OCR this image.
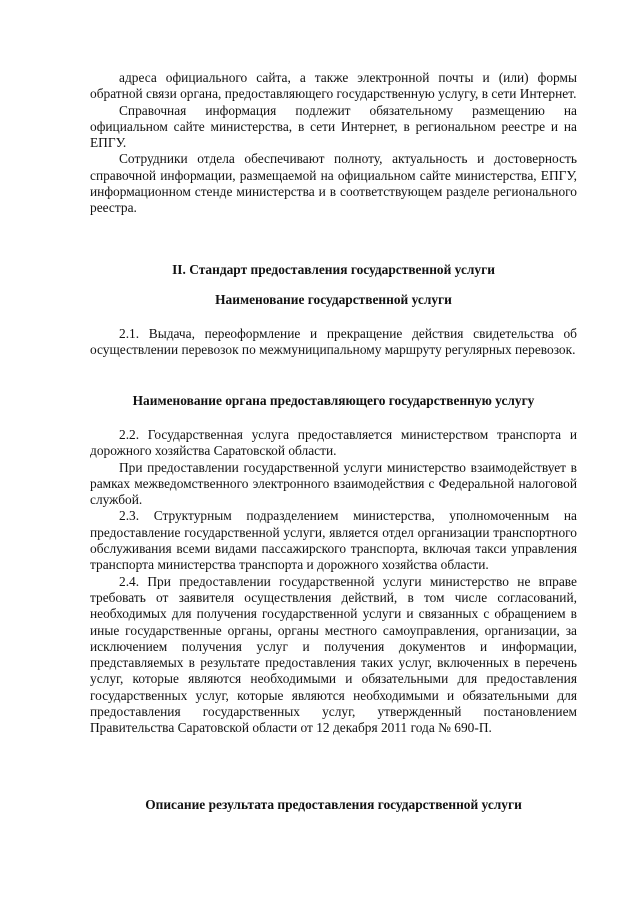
адреса официального сайта, а также электронной почты и (или) формы обратной связи органа, предоставляющего государственную услугу, в сети Интернет.

Справочная информация подлежит обязательному размещению на официальном сайте министерства, в сети Интернет, в региональном реестре и на ЕПГУ.

Сотрудники отдела обеспечивают полноту, актуальность и достоверность справочной информации, размещаемой на официальном сайте министерства, ЕПГУ, информационном стенде министерства и в соответствующем разделе регионального реестра.

II. Стандарт предоставления государственной услуги
Наименование государственной услуги

2.1. Выдача, переоформление и прекращение действия свидетельства об осуществлении перевозок по межмуниципальному маршруту регулярных перевозок.

Наименование органа предоставляющего государственную услугу

2.2. Государственная услуга предоставляется министерством транспорта и дорожного хозяйства Саратовской области.

При предоставлении государственной услуги министерство взаимодействует в рамках межведомственного электронного взаимодействия с Федеральной налоговой службой.

2.3. Структурным подразделением министерства, уполномоченным на предоставление государственной услуги, является отдел организации транспортного обслуживания всеми видами пассажирского транспорта, включая такси управления транспорта министерства транспорта и дорожного хозяйства области.

2.4. При предоставлении государственной услуги министерство не вправе требовать от заявителя осуществления действий, в том числе согласований, необходимых для получения государственной услуги и связанных с обращением в иные государственные органы, органы местного самоуправления, организации, за исключением получения услуг и получения документов и информации, представляемых в результате предоставления таких услуг, включенных в перечень услуг, которые являются необходимыми и обязательными для предоставления государственных услуг, которые являются необходимыми и обязательными для предоставления государственных услуг, утвержденный постановлением Правительства Саратовской области от 12 декабря 2011 года № 690-П.

Описание результата предоставления государственной услуги
